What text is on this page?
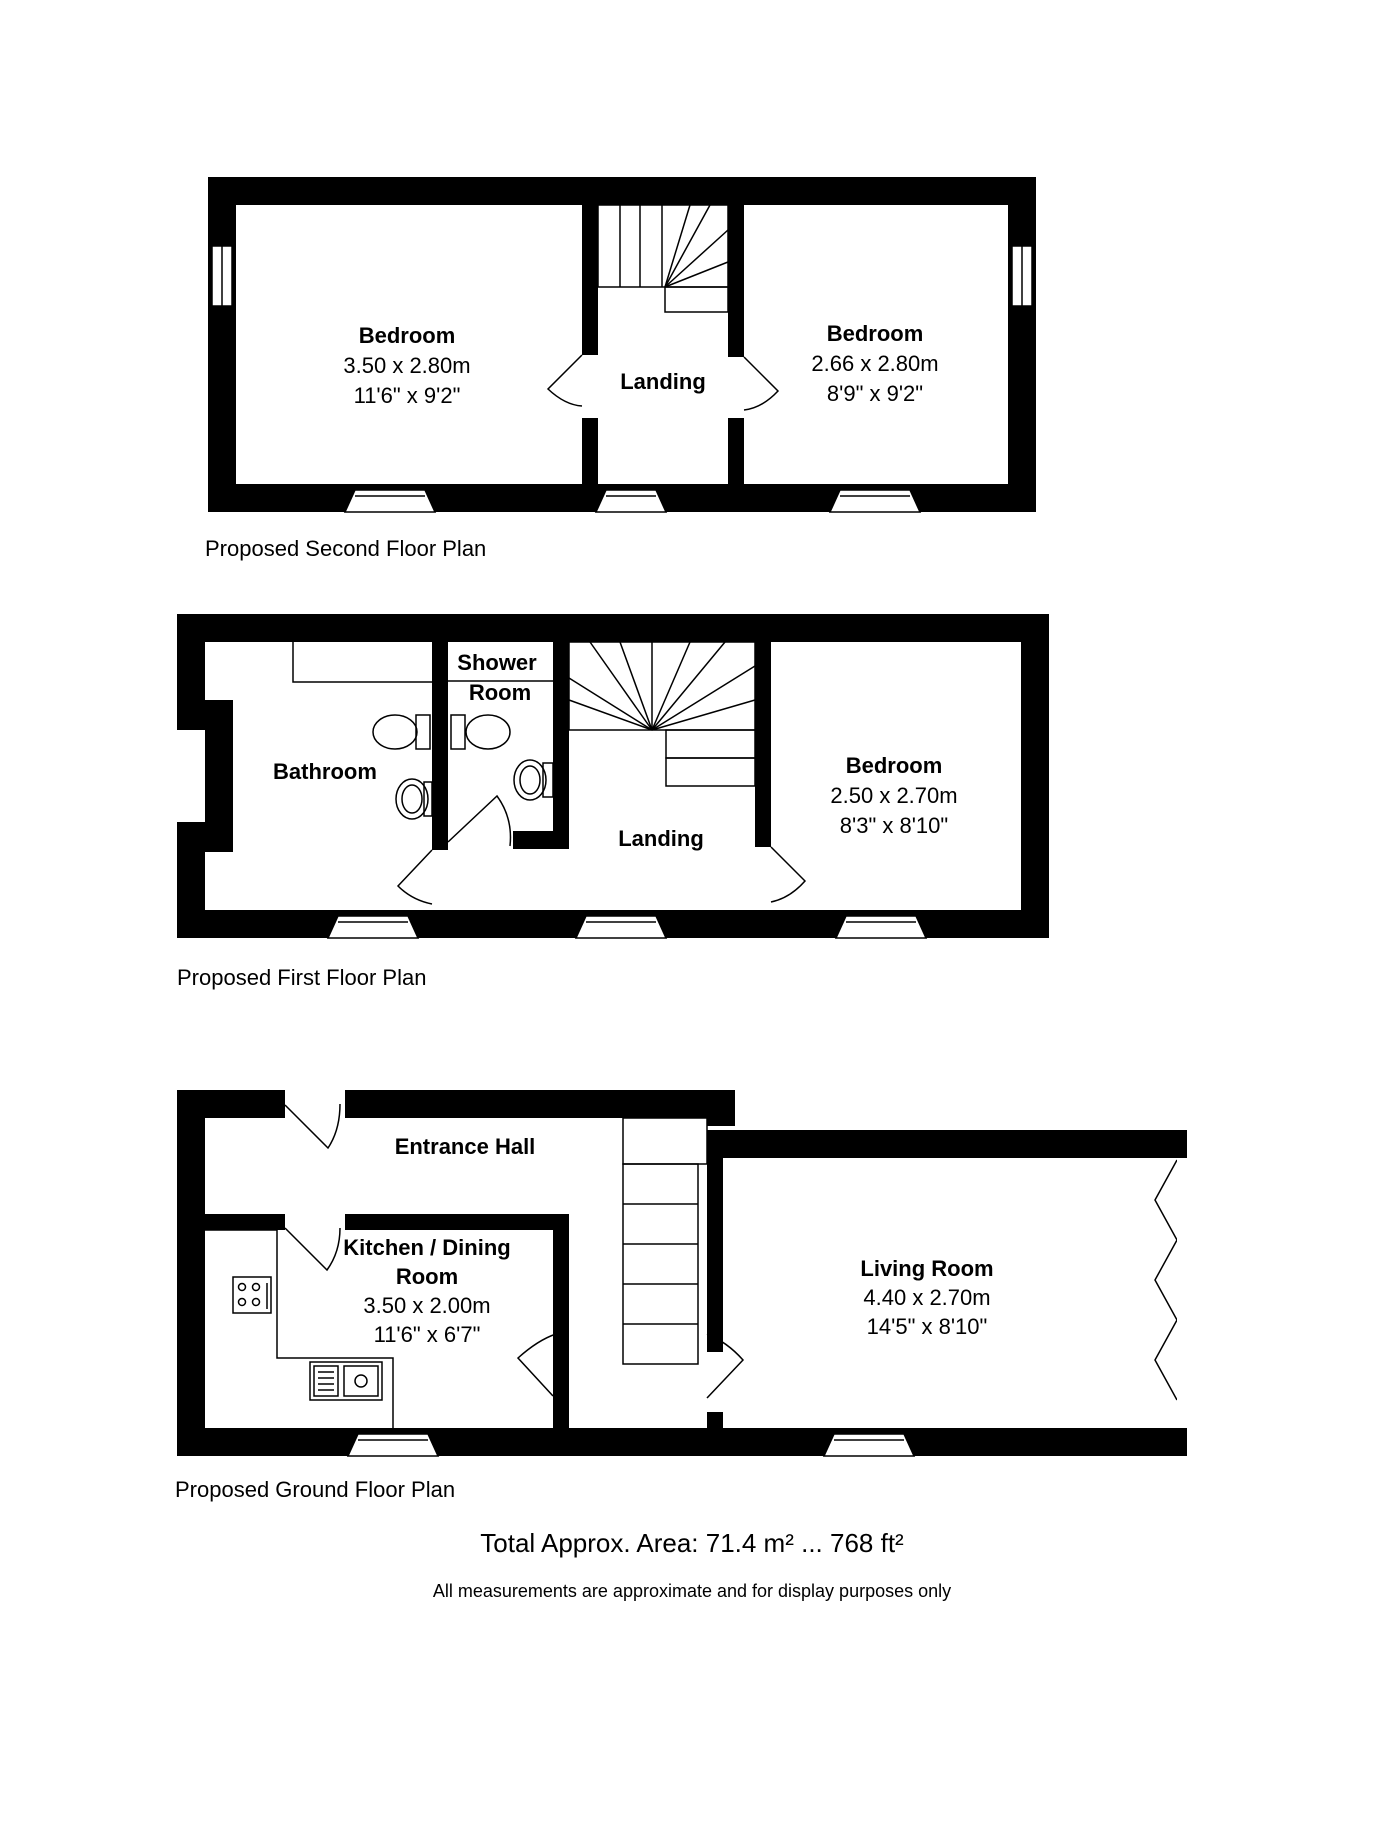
Bedroom
3.50 x 2.80m
11'6" x 9'2"
Landing
Bedroom
2.66 x 2.80m
8'9" x 9'2"
Proposed Second Floor Plan
Bathroom
Shower
Room
Landing
Bedroom
2.50 x 2.70m
8'3" x 8'10"
Proposed First Floor Plan
Entrance Hall
Kitchen / Dining
Room
3.50 x 2.00m
11'6" x 6'7"
Living Room
4.40 x 2.70m
14'5" x 8'10"
Proposed Ground Floor Plan
Total Approx. Area: 71.4 m² ... 768 ft²
All measurements are approximate and for display purposes only
